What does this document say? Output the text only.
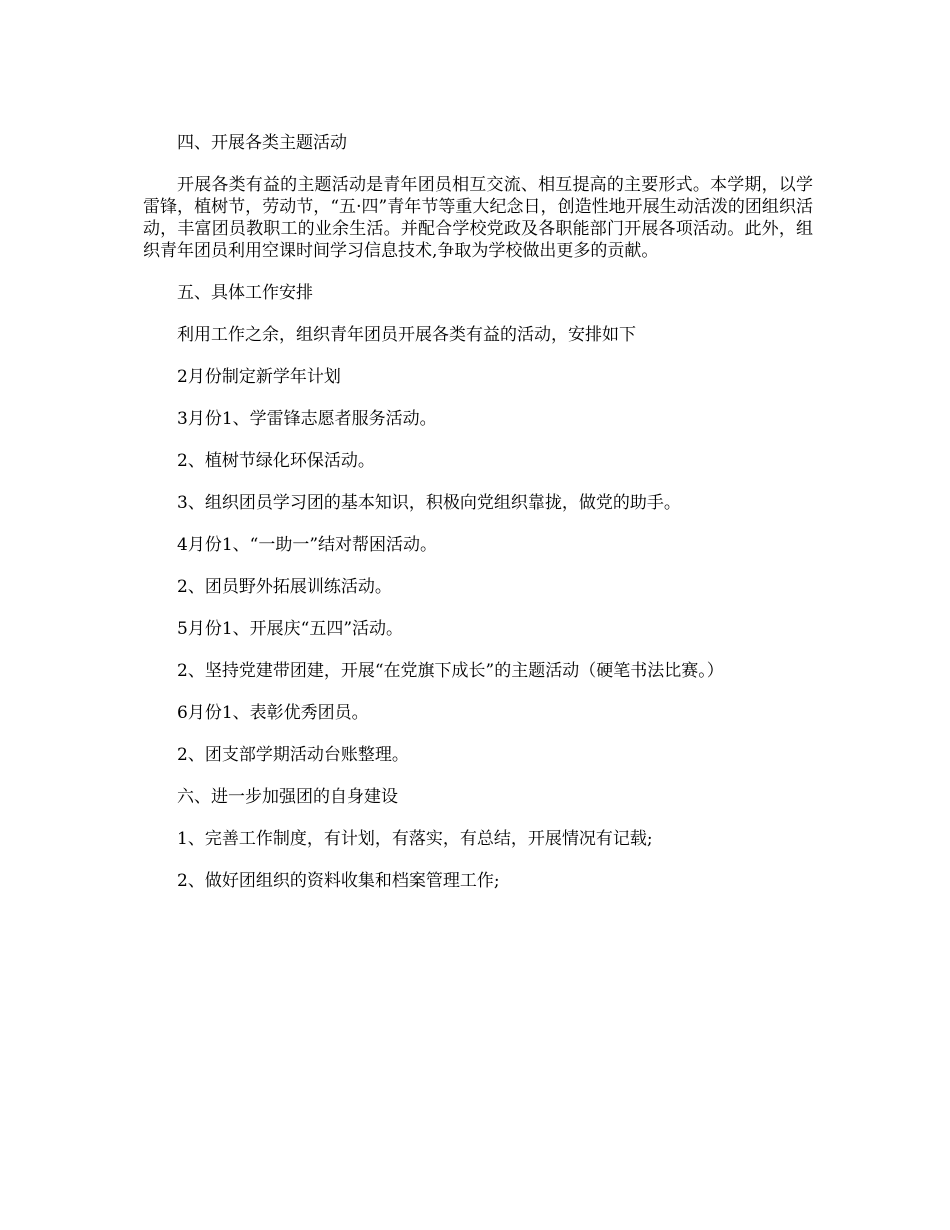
四、开展各类主题活动

开展各类有益的主题活动是青年团员相互交流、相互提高的主要形式。本学期，以学雷锋，植树节，劳动节，“五·四”青年节等重大纪念日，创造性地开展生动活泼的团组织活动，丰富团员教职工的业余生活。并配合学校党政及各职能部门开展各项活动。此外，组织青年团员利用空课时间学习信息技术,争取为学校做出更多的贡献。

五、具体工作安排

利用工作之余，组织青年团员开展各类有益的活动，安排如下

2月份制定新学年计划

3月份1、学雷锋志愿者服务活动。

2、植树节绿化环保活动。

3、组织团员学习团的基本知识，积极向党组织靠拢，做党的助手。

4月份1、“一助一”结对帮困活动。

2、团员野外拓展训练活动。

5月份1、开展庆“五四”活动。

2、坚持党建带团建，开展“在党旗下成长”的主题活动（硬笔书法比赛。）

6月份1、表彰优秀团员。

2、团支部学期活动台账整理。

六、进一步加强团的自身建设

1、完善工作制度，有计划，有落实，有总结，开展情况有记载;

2、做好团组织的资料收集和档案管理工作;
